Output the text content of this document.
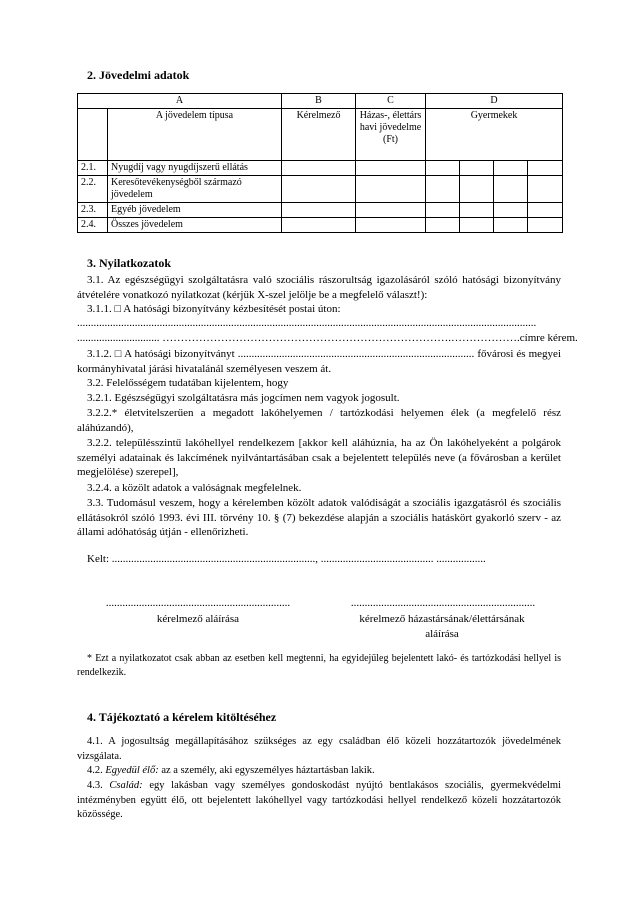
2. Jövedelmi adatok
A		B	C	D			
	A jövedelem típusa	Kérelmező	Házas-, élettárs havi jövedelme (Ft)	Gyermekek			
2.1.	Nyugdíj vagy nyugdíjszerű ellátás						
2.2.	Keresőtevékenységből származó jövedelem						
2.3.	Egyéb jövedelem						
2.4.	Összes jövedelem						
3. Nyilatkozatok
3.1. Az egészségügyi szolgáltatásra való szociális rászorultság igazolásáról szóló hatósági bizonyítvány átvételére vonatkozó nyilatkozat (kérjük X-szel jelölje be a megfelelő választ!):
3.1.1. □ A hatósági bizonyítvány kézbesítését postai úton:
.......................................................................................................................................................................
.............................. …………………………………………………………………….……………….címre kérem.
3.1.2. □ A hatósági bizonyítványt ...................................................................................... fővárosi és megyei kormányhivatal járási hivatalánál személyesen veszem át.
3.2. Felelősségem tudatában kijelentem, hogy
3.2.1. Egészségügyi szolgáltatásra más jogcímen nem vagyok jogosult.
3.2.2.* életvitelszerűen a megadott lakóhelyemen / tartózkodási helyemen élek (a megfelelő rész aláhúzandó),
3.2.2. településszintű lakóhellyel rendelkezem [akkor kell aláhúznia, ha az Ön lakóhelyeként a polgárok személyi adatainak és lakcímének nyilvántartásában csak a bejelentett település neve (a fővárosban a kerület megjelölése) szerepel],
3.2.4. a közölt adatok a valóságnak megfelelnek.
3.3. Tudomásul veszem, hogy a kérelemben közölt adatok valódiságát a szociális igazgatásról és szociális ellátásokról szóló 1993. évi III. törvény 10. § (7) bekezdése alapján a szociális hatáskört gyakorló szerv - az állami adóhatóság útján - ellenőrizheti.
Kelt: .........................................................................., ......................................... ..................
...................................................................	...................................................................
kérelmező aláírása	kérelmező házastársának/élettársának
aláírása
* Ezt a nyilatkozatot csak abban az esetben kell megtenni, ha egyidejűleg bejelentett lakó- és tartózkodási hellyel is rendelkezik.
4. Tájékoztató a kérelem kitöltéséhez
4.1. A jogosultság megállapításához szükséges az egy családban élő közeli hozzátartozók jövedelmének vizsgálata.
4.2. Egyedül élő: az a személy, aki egyszemélyes háztartásban lakik.
4.3. Család: egy lakásban vagy személyes gondoskodást nyújtó bentlakásos szociális, gyermekvédelmi intézményben együtt élő, ott bejelentett lakóhellyel vagy tartózkodási hellyel rendelkező közeli hozzátartozók közössége.
